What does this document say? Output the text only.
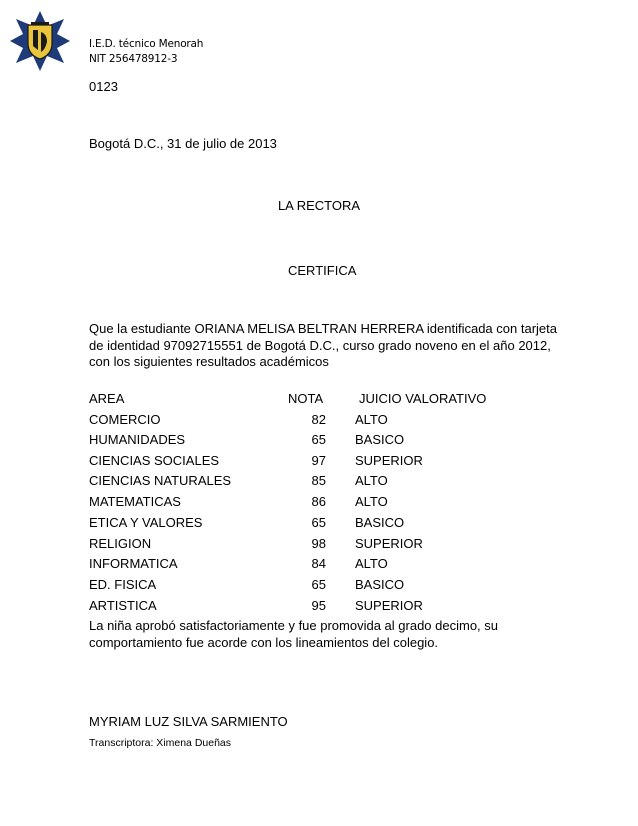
I.E.D. técnico Menorah
NIT 256478912-3
0123
Bogotá D.C., 31 de julio de 2013
LA RECTORA
CERTIFICA
Que la estudiante ORIANA MELISA BELTRAN HERRERA identificada con tarjeta de identidad 97092715551 de Bogotá D.C., curso grado noveno en el año 2012, con los siguientes resultados académicos
AREA	NOTA	JUICIO VALORATIVO
COMERCIO	82 ALTO
HUMANIDADES	65 BASICO
CIENCIAS SOCIALES	97 SUPERIOR
CIENCIAS NATURALES	85 ALTO
MATEMATICAS	86 ALTO
ETICA Y VALORES	65 BASICO
RELIGION	98 SUPERIOR
INFORMATICA	84 ALTO
ED. FISICA	65 BASICO
ARTISTICA	95 SUPERIOR
La niña aprobó satisfactoriamente y fue promovida al grado decimo, su comportamiento fue acorde con los lineamientos del colegio.
MYRIAM LUZ SILVA SARMIENTO
Transcriptora: Ximena Dueñas
